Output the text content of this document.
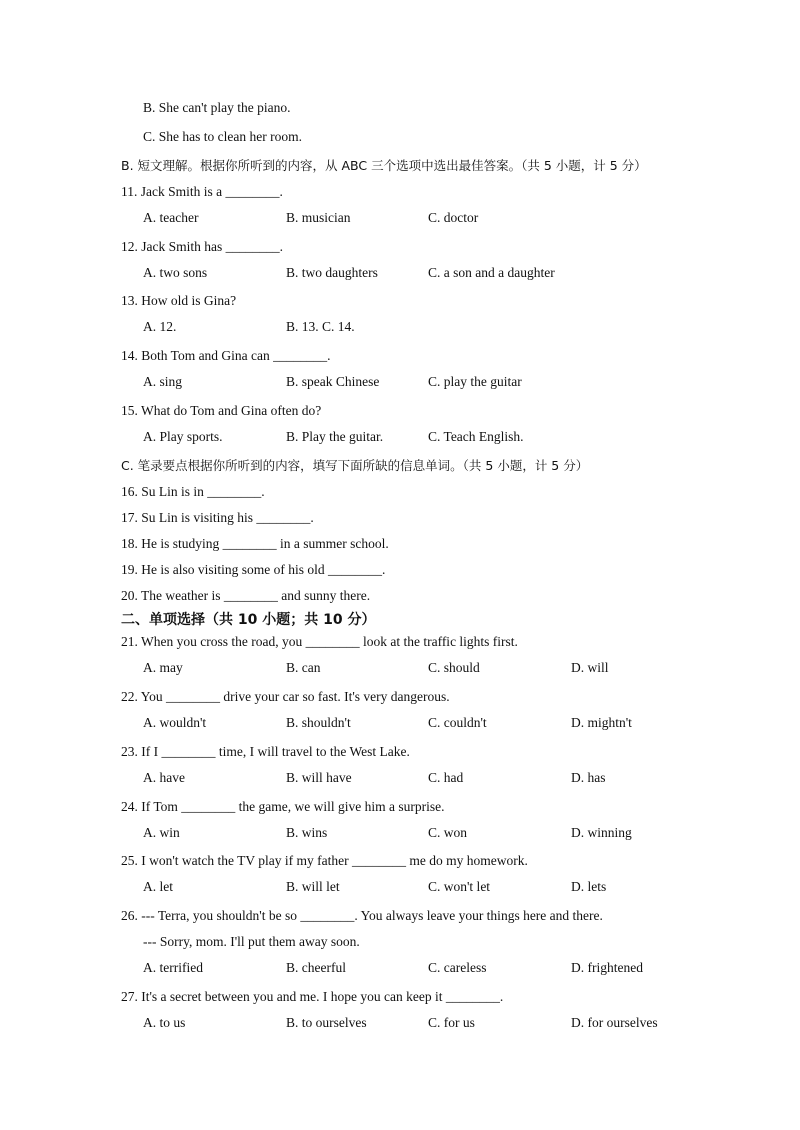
B. She can't play the piano.
C. She has to clean her room.
B. 短文理解。根据你所听到的内容，从 ABC 三个选项中选出最佳答案。（共 5 小题，计 5 分）
11. Jack Smith is a ________.
A. teacher	B. musician	C. doctor
12. Jack Smith has ________.
A. two sons	B. two daughters	C. a son and a daughter
13. How old is Gina?
A. 12.	B. 13. C. 14.
14. Both Tom and Gina can ________.
A. sing	B. speak Chinese	C. play the guitar
15. What do Tom and Gina often do?
A. Play sports.	B. Play the guitar.	C. Teach English.
C. 笔录要点根据你所听到的内容，填写下面所缺的信息单词。（共 5 小题，计 5 分）
16. Su Lin is in ________.
17. Su Lin is visiting his ________.
18. He is studying ________ in a summer school.
19. He is also visiting some of his old ________.
20. The weather is ________ and sunny there.
二、单项选择（共 10 小题；共 10 分）
21. When you cross the road, you ________ look at the traffic lights first.
A. may	B. can	C. should	D. will
22. You ________ drive your car so fast. It's very dangerous.
A. wouldn't	B. shouldn't	C. couldn't	D. mightn't
23. If I ________ time, I will travel to the West Lake.
A. have	B. will have	C. had	D. has
24. If Tom ________ the game, we will give him a surprise.
A. win	B. wins	C. won	D. winning
25. I won't watch the TV play if my father ________ me do my homework.
A. let	B. will let	C. won't let	D. lets
26. --- Terra, you shouldn't be so ________. You always leave your things here and there.
--- Sorry, mom. I'll put them away soon.
A. terrified	B. cheerful	C. careless	D. frightened
27. It's a secret between you and me. I hope you can keep it ________.
A. to us	B. to ourselves	C. for us	D. for ourselves
